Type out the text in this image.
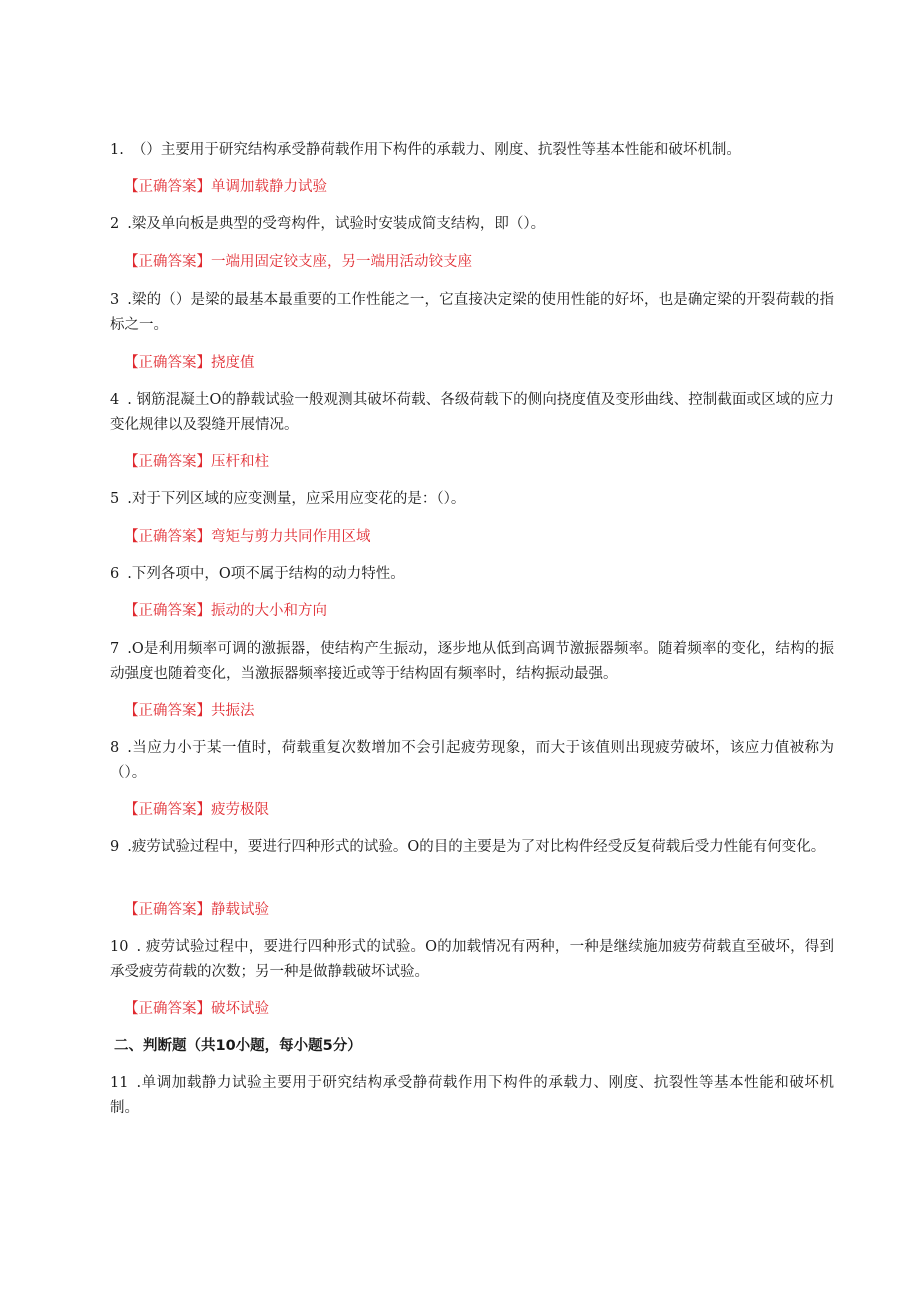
1. （）主要用于研究结构承受静荷载作用下构件的承载力、刚度、抗裂性等基本性能和破坏机制。
【正确答案】单调加载静力试验
2 .梁及单向板是典型的受弯构件，试验时安装成简支结构，即（）。
【正确答案】一端用固定铰支座，另一端用活动铰支座
3 .梁的（）是梁的最基本最重要的工作性能之一，它直接决定梁的使用性能的好坏，也是确定梁的开裂荷载的指标之一。
【正确答案】挠度值
4 . 钢筋混凝土O的静载试验一般观测其破坏荷载、各级荷载下的侧向挠度值及变形曲线、控制截面或区域的应力变化规律以及裂缝开展情况。
【正确答案】压杆和柱
5 .对于下列区域的应变测量，应采用应变花的是：（）。
【正确答案】弯矩与剪力共同作用区域
6 .下列各项中，O项不属于结构的动力特性。
【正确答案】振动的大小和方向
7 .O是利用频率可调的激振器，使结构产生振动，逐步地从低到高调节激振器频率。随着频率的变化，结构的振动强度也随着变化，当激振器频率接近或等于结构固有频率时，结构振动最强。
【正确答案】共振法
8 .当应力小于某一值时，荷载重复次数增加不会引起疲劳现象，而大于该值则出现疲劳破坏，该应力值被称为（）。
【正确答案】疲劳极限
9 .疲劳试验过程中，要进行四种形式的试验。O的目的主要是为了对比构件经受反复荷载后受力性能有何变化。
【正确答案】静载试验
10 . 疲劳试验过程中，要进行四种形式的试验。O的加载情况有两种，一种是继续施加疲劳荷载直至破坏，得到承受疲劳荷载的次数；另一种是做静载破坏试验。
【正确答案】破坏试验
二、判断题（共10小题，每小题5分）
11 .单调加载静力试验主要用于研究结构承受静荷载作用下构件的承载力、刚度、抗裂性等基本性能和破坏机制。
